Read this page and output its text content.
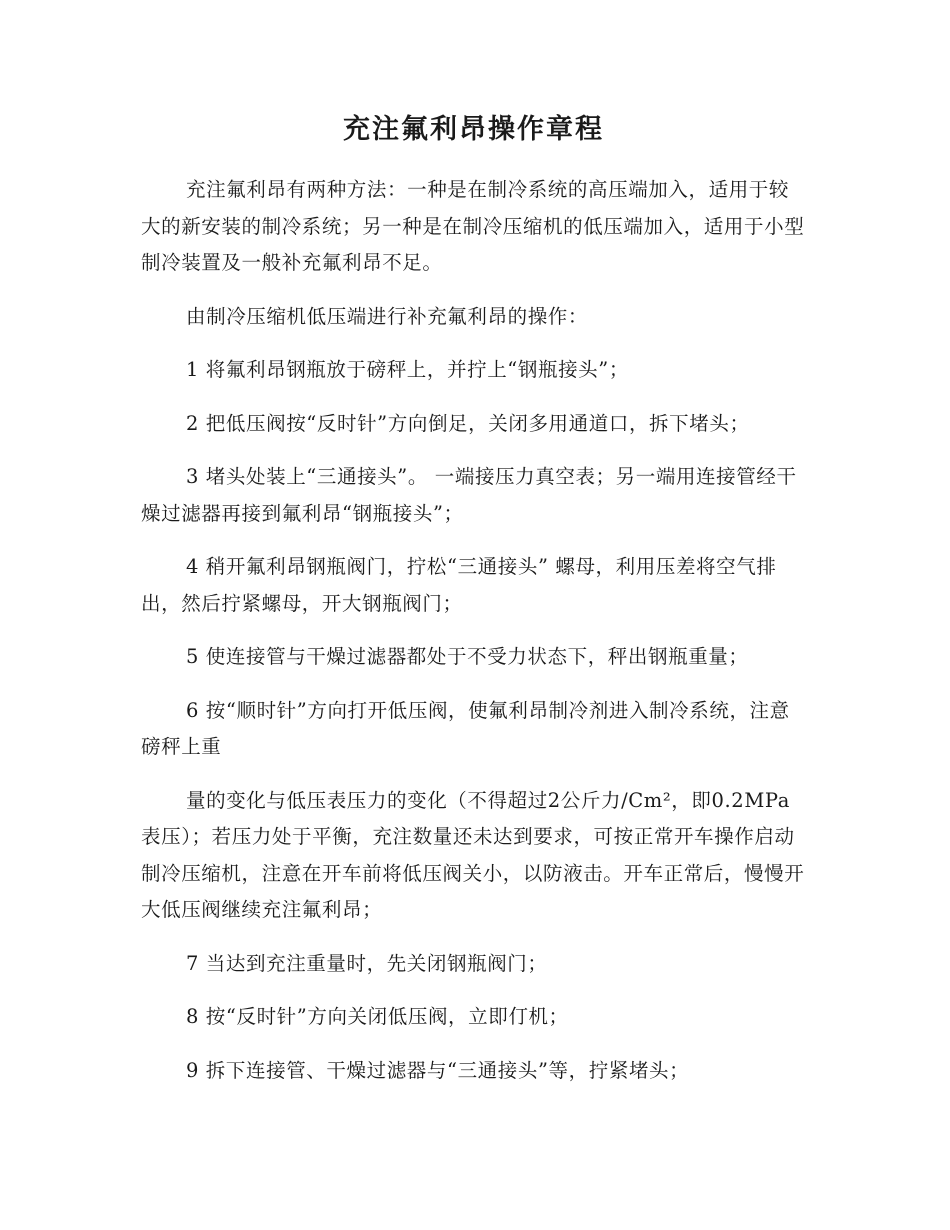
充注氟利昂操作章程

充注氟利昂有两种方法：一种是在制冷系统的高压端加入，适用于较大的新安装的制冷系统；另一种是在制冷压缩机的低压端加入，适用于小型制冷装置及一般补充氟利昂不足。

由制冷压缩机低压端进行补充氟利昂的操作：

1 将氟利昂钢瓶放于磅秤上，并拧上“钢瓶接头”；

2 把低压阀按“反时针”方向倒足，关闭多用通道口，拆下堵头；

3 堵头处装上“三通接头”。 一端接压力真空表；另一端用连接管经干燥过滤器再接到氟利昂“钢瓶接头”；

4 稍开氟利昂钢瓶阀门，拧松“三通接头” 螺母，利用压差将空气排出，然后拧紧螺母，开大钢瓶阀门；

5 使连接管与干燥过滤器都处于不受力状态下，秤出钢瓶重量；

6 按“顺时针”方向打开低压阀，使氟利昂制冷剂进入制冷系统，注意磅秤上重

量的变化与低压表压力的变化（不得超过2公斤力/Cm²，即0.2MPa表压）；若压力处于平衡，充注数量还未达到要求，可按正常开车操作启动制冷压缩机，注意在开车前将低压阀关小，以防液击。开车正常后，慢慢开大低压阀继续充注氟利昂；

7 当达到充注重量时，先关闭钢瓶阀门；

8 按“反时针”方向关闭低压阀，立即仃机；

9 拆下连接管、干燥过滤器与“三通接头”等，拧紧堵头；
